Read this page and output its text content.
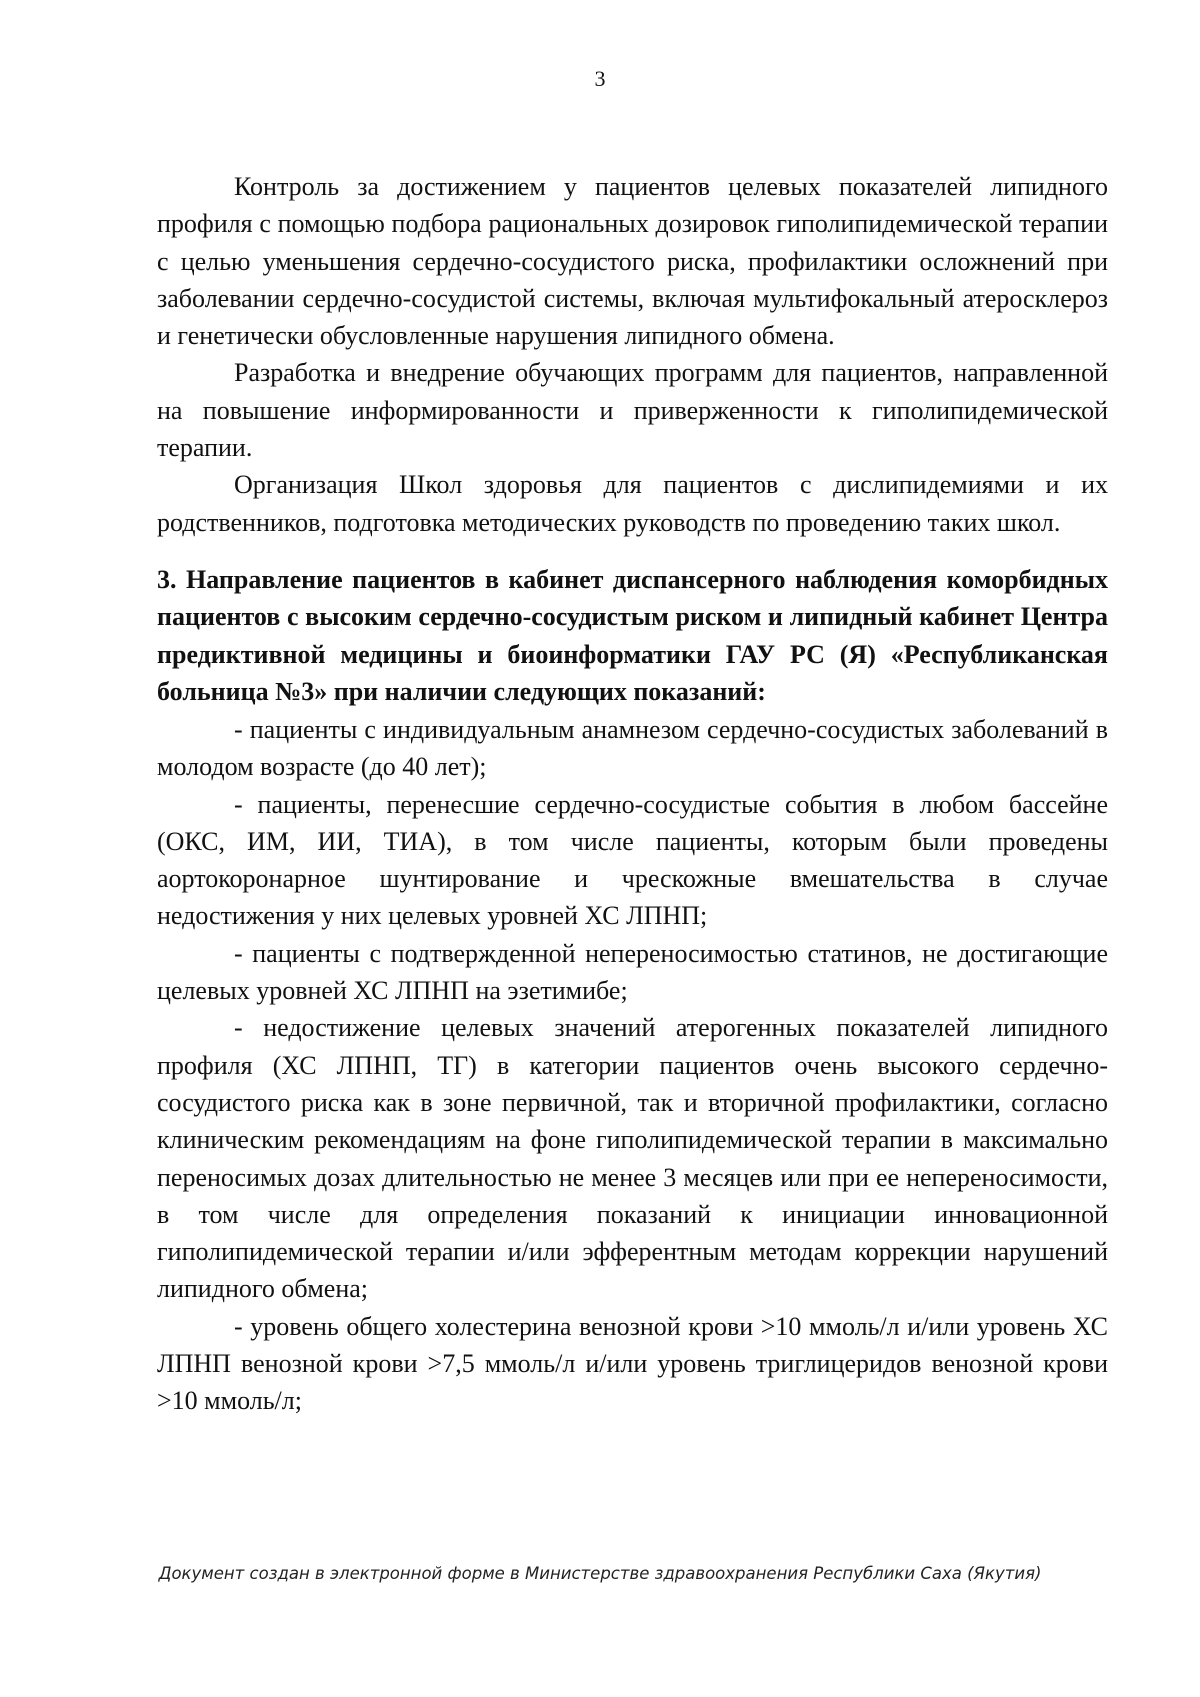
3

Контроль за достижением у пациентов целевых показателей липидного профиля с помощью подбора рациональных дозировок гиполипидемической терапии с целью уменьшения сердечно-сосудистого риска, профилактики осложнений при заболевании сердечно-сосудистой системы, включая мультифокальный атеросклероз и генетически обусловленные нарушения липидного обмена.

Разработка и внедрение обучающих программ для пациентов, направленной на повышение информированности и приверженности к гиполипидемической терапии.

Организация Школ здоровья для пациентов с дислипидемиями и их родственников, подготовка методических руководств по проведению таких школ.

3. Направление пациентов в кабинет диспансерного наблюдения коморбидных пациентов с высоким сердечно-сосудистым риском и липидный кабинет Центра предиктивной медицины и биоинформатики ГАУ РС (Я) «Республиканская больница №3» при наличии следующих показаний:

- пациенты с индивидуальным анамнезом сердечно-сосудистых заболеваний в молодом возрасте (до 40 лет);

- пациенты, перенесшие сердечно-сосудистые события в любом бассейне (ОКС, ИМ, ИИ, ТИА), в том числе пациенты, которым были проведены аортокоронарное шунтирование и чрескожные вмешательства в случае недостижения у них целевых уровней ХС ЛПНП;

- пациенты с подтвержденной непереносимостью статинов, не достигающие целевых уровней ХС ЛПНП на эзетимибе;

- недостижение целевых значений атерогенных показателей липидного профиля (ХС ЛПНП, ТГ) в категории пациентов очень высокого сердечно-сосудистого риска как в зоне первичной, так и вторичной профилактики, согласно клиническим рекомендациям на фоне гиполипидемической терапии в максимально переносимых дозах длительностью не менее 3 месяцев или при ее непереносимости, в том числе для определения показаний к инициации инновационной гиполипидемической терапии и/или эфферентным методам коррекции нарушений липидного обмена;

- уровень общего холестерина венозной крови >10 ммоль/л и/или уровень ХС ЛПНП венозной крови >7,5 ммоль/л и/или уровень триглицеридов венозной крови >10 ммоль/л;

Документ создан в электронной форме в Министерстве здравоохранения Республики Саха (Якутия)
